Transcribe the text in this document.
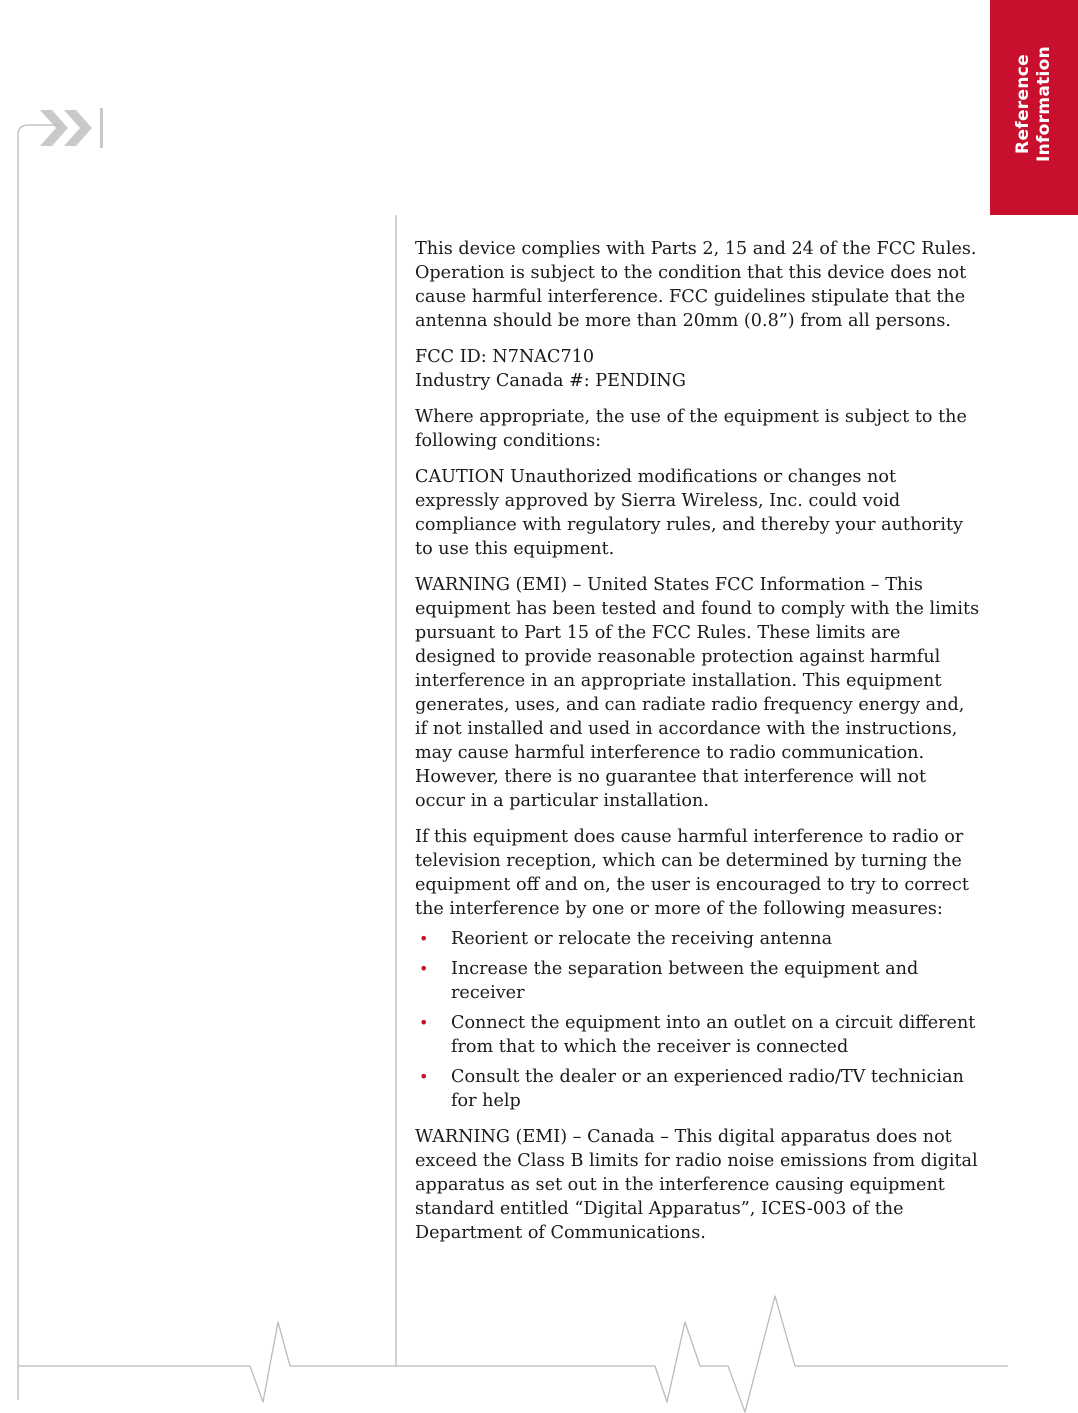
Reference Information

This device complies with Parts 2, 15 and 24 of the FCC Rules. Operation is subject to the condition that this device does not cause harmful interference. FCC guidelines stipulate that the antenna should be more than 20mm (0.8”) from all persons.

FCC ID: N7NAC710

Industry Canada #: PENDING

Where appropriate, the use of the equipment is subject to the following conditions:

CAUTION Unauthorized modifications or changes not expressly approved by Sierra Wireless, Inc. could void compliance with regulatory rules, and thereby your authority to use this equipment.

WARNING (EMI) – United States FCC Information – This equipment has been tested and found to comply with the limits pursuant to Part 15 of the FCC Rules. These limits are designed to provide reasonable protection against harmful interference in an appropriate installation. This equipment generates, uses, and can radiate radio frequency energy and, if not installed and used in accordance with the instructions, may cause harmful interference to radio communication. However, there is no guarantee that interference will not occur in a particular installation.

If this equipment does cause harmful interference to radio or television reception, which can be determined by turning the equipment off and on, the user is encouraged to try to correct the interference by one or more of the following measures:

• Reorient or relocate the receiving antenna
• Increase the separation between the equipment and receiver
• Connect the equipment into an outlet on a circuit different from that to which the receiver is connected
• Consult the dealer or an experienced radio/TV technician for help

WARNING (EMI) – Canada – This digital apparatus does not exceed the Class B limits for radio noise emissions from digital apparatus as set out in the interference causing equipment standard entitled “Digital Apparatus”, ICES-003 of the Department of Communications.
